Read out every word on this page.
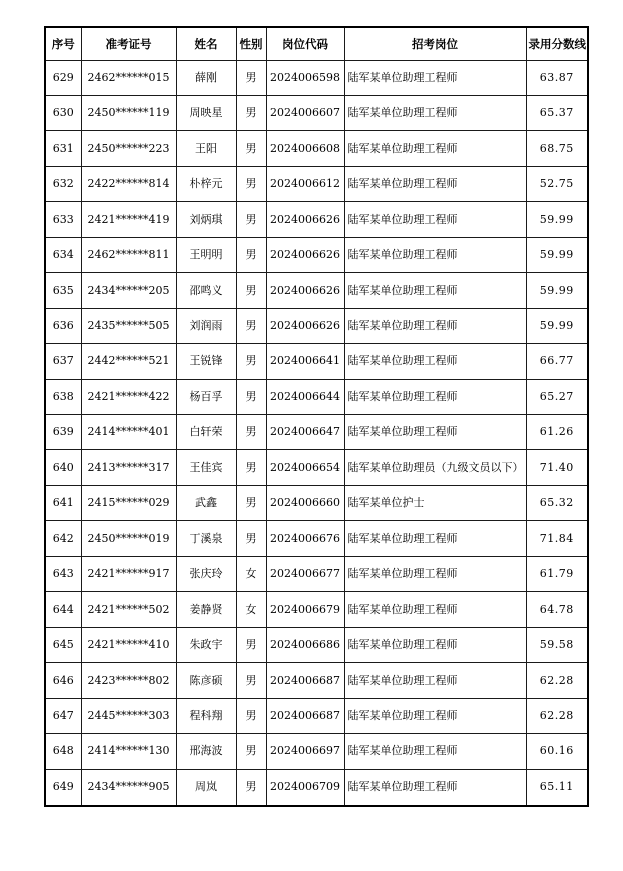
序号	准考证号	姓名	性别	岗位代码	招考岗位	录用分数线
629	2462******015	薛刚	男	2024006598	陆军某单位助理工程师	63.87
630	2450******119	周映星	男	2024006607	陆军某单位助理工程师	65.37
631	2450******223	王阳	男	2024006608	陆军某单位助理工程师	68.75
632	2422******814	朴梓元	男	2024006612	陆军某单位助理工程师	52.75
633	2421******419	刘炳琪	男	2024006626	陆军某单位助理工程师	59.99
634	2462******811	王明明	男	2024006626	陆军某单位助理工程师	59.99
635	2434******205	邵鸣义	男	2024006626	陆军某单位助理工程师	59.99
636	2435******505	刘润雨	男	2024006626	陆军某单位助理工程师	59.99
637	2442******521	王锐锋	男	2024006641	陆军某单位助理工程师	66.77
638	2421******422	杨百孚	男	2024006644	陆军某单位助理工程师	65.27
639	2414******401	白轩荣	男	2024006647	陆军某单位助理工程师	61.26
640	2413******317	王佳宾	男	2024006654	陆军某单位助理员（九级文员以下）	71.40
641	2415******029	武鑫	男	2024006660	陆军某单位护士	65.32
642	2450******019	丁溪泉	男	2024006676	陆军某单位助理工程师	71.84
643	2421******917	张庆玲	女	2024006677	陆军某单位助理工程师	61.79
644	2421******502	姜静贤	女	2024006679	陆军某单位助理工程师	64.78
645	2421******410	朱政宇	男	2024006686	陆军某单位助理工程师	59.58
646	2423******802	陈彦硕	男	2024006687	陆军某单位助理工程师	62.28
647	2445******303	程科翔	男	2024006687	陆军某单位助理工程师	62.28
648	2414******130	邢海波	男	2024006697	陆军某单位助理工程师	60.16
649	2434******905	周岚	男	2024006709	陆军某单位助理工程师	65.11
